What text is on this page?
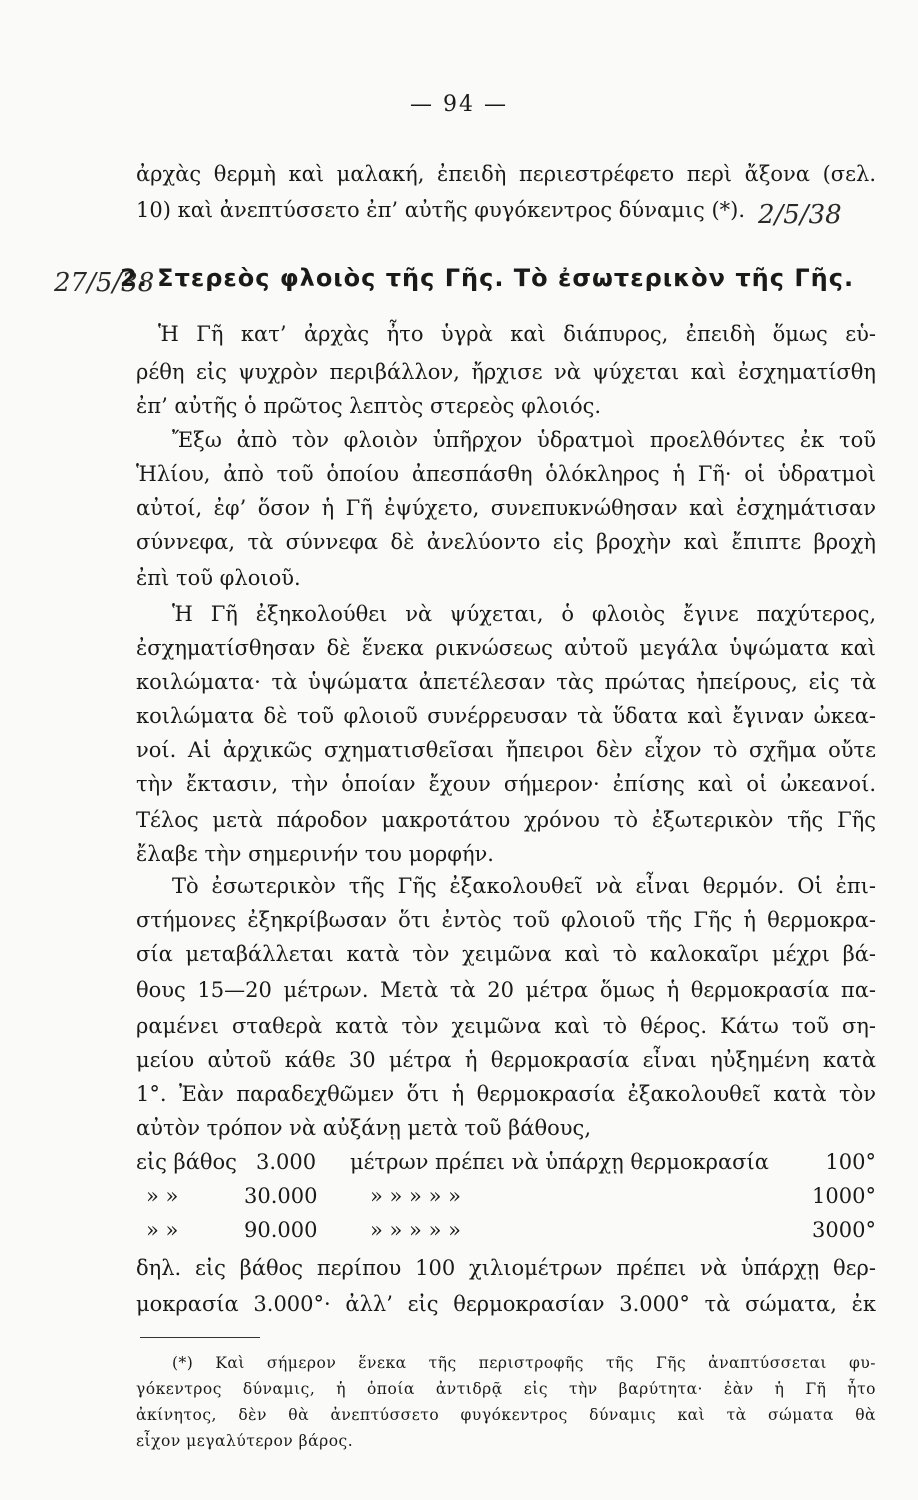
— 94 —
ἀρχὰς θερμὴ καὶ μαλακή, ἐπειδὴ περιεστρέφετο περὶ ἄξονα (σελ.
10) καὶ ἀνεπτύσσετο ἐπ’ αὐτῆς φυγόκεντρος δύναμις (*). 2/5/38
27/5/38
2. Στερεὸς φλοιὸς τῆς Γῆς. Τὸ ἐσωτερικὸν τῆς Γῆς.
Ἡ Γῆ κατ’ ἀρχὰς ἦτο ὑγρὰ καὶ διάπυρος, ἐπειδὴ ὅμως εὑ-
ρέθη εἰς ψυχρὸν περιβάλλον, ἤρχισε νὰ ψύχεται καὶ ἐσχηματίσθη
ἐπ’ αὐτῆς ὁ πρῶτος λεπτὸς στερεὸς φλοιός.
Ἔξω ἀπὸ τὸν φλοιὸν ὑπῆρχον ὑδρατμοὶ προελθόντες ἐκ τοῦ
Ἡλίου, ἀπὸ τοῦ ὁποίου ἀπεσπάσθη ὁλόκληρος ἡ Γῆ· οἱ ὑδρατμοὶ
αὐτοί, ἐφ’ ὅσον ἡ Γῆ ἐψύχετο, συνεπυκνώθησαν καὶ ἐσχημάτισαν
σύννεφα, τὰ σύννεφα δὲ ἀνελύοντο εἰς βροχὴν καὶ ἔπιπτε βροχὴ
ἐπὶ τοῦ φλοιοῦ.
Ἡ Γῆ ἐξηκολούθει νὰ ψύχεται, ὁ φλοιὸς ἔγινε παχύτερος,
ἐσχηματίσθησαν δὲ ἕνεκα ρικνώσεως αὐτοῦ μεγάλα ὑψώματα καὶ
κοιλώματα· τὰ ὑψώματα ἀπετέλεσαν τὰς πρώτας ἠπείρους, εἰς τὰ
κοιλώματα δὲ τοῦ φλοιοῦ συνέρρευσαν τὰ ὕδατα καὶ ἔγιναν ὠκεα-
νοί. Αἱ ἀρχικῶς σχηματισθεῖσαι ἤπειροι δὲν εἶχον τὸ σχῆμα οὔτε
τὴν ἔκτασιν, τὴν ὁποίαν ἔχουν σήμερον· ἐπίσης καὶ οἱ ὠκεανοί.
Τέλος μετὰ πάροδον μακροτάτου χρόνου τὸ ἐξωτερικὸν τῆς Γῆς
ἔλαβε τὴν σημερινήν του μορφήν.
Τὸ ἐσωτερικὸν τῆς Γῆς ἐξακολουθεῖ νὰ εἶναι θερμόν. Οἱ ἐπι-
στήμονες ἐξηκρίβωσαν ὅτι ἐντὸς τοῦ φλοιοῦ τῆς Γῆς ἡ θερμοκρα-
σία μεταβάλλεται κατὰ τὸν χειμῶνα καὶ τὸ καλοκαῖρι μέχρι βά-
θους 15—20 μέτρων. Μετὰ τὰ 20 μέτρα ὅμως ἡ θερμοκρασία πα-
ραμένει σταθερὰ κατὰ τὸν χειμῶνα καὶ τὸ θέρος. Κάτω τοῦ ση-
μείου αὐτοῦ κάθε 30 μέτρα ἡ θερμοκρασία εἶναι ηὐξημένη κατὰ
1°. Ἐὰν παραδεχθῶμεν ὅτι ἡ θερμοκρασία ἐξακολουθεῖ κατὰ τὸν
αὐτὸν τρόπον νὰ αὐξάνῃ μετὰ τοῦ βάθους,
εἰς βάθος 3.000 μέτρων πρέπει νὰ ὑπάρχῃ θερμοκρασία	100°
» »	30.000	» » » » »	1000°
» »	90.000	» » » » »	3000°
δηλ. εἰς βάθος περίπου 100 χιλιομέτρων πρέπει νὰ ὑπάρχῃ θερ-
μοκρασία 3.000°· ἀλλ’ εἰς θερμοκρασίαν 3.000° τὰ σώματα, ἐκ
(*) Καὶ σήμερον ἕνεκα τῆς περιστροφῆς τῆς Γῆς ἀναπτύσσεται φυ-
γόκεντρος δύναμις, ἡ ὁποία ἀντιδρᾷ εἰς τὴν βαρύτητα· ἐὰν ἡ Γῆ ἦτο
ἀκίνητος, δὲν θὰ ἀνεπτύσσετο φυγόκεντρος δύναμις καὶ τὰ σώματα θὰ
εἶχον μεγαλύτερον βάρος.
